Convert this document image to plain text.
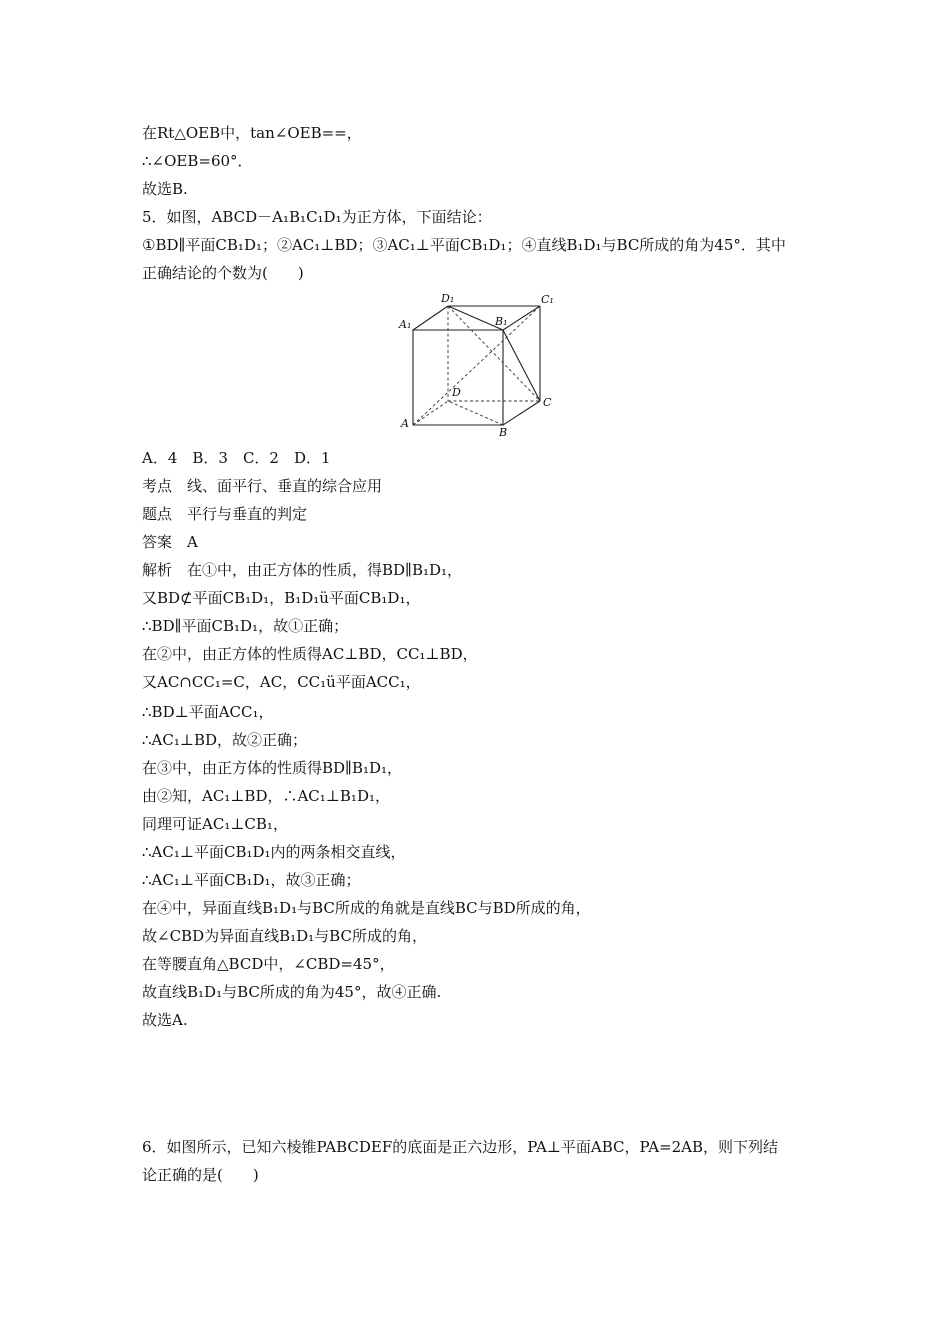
在Rt△OEB中，tan∠OEB==，
∴∠OEB=60°．
故选B.
5．如图，ABCD－A₁B₁C₁D₁为正方体，下面结论：
①BD∥平面CB₁D₁；②AC₁⊥BD；③AC₁⊥平面CB₁D₁；④直线B₁D₁与BC所成的角为45°．其中
正确结论的个数为(　　)
D₁	C₁
A₁	B₁
D
C
A
B
A．4　B．3　C．2　D．1
考点　线、面平行、垂直的综合应用
题点　平行与垂直的判定
答案　A
解析　在①中，由正方体的性质，得BD∥B₁D₁，
又BD⊄平面CB₁D₁，B₁D₁ü平面CB₁D₁，
∴BD∥平面CB₁D₁，故①正确；
在②中，由正方体的性质得AC⊥BD，CC₁⊥BD，
又AC∩CC₁=C，AC，CC₁ü平面ACC₁，
∴BD⊥平面ACC₁，
∴AC₁⊥BD，故②正确；
在③中，由正方体的性质得BD∥B₁D₁，
由②知，AC₁⊥BD，∴AC₁⊥B₁D₁，
同理可证AC₁⊥CB₁，
∴AC₁⊥平面CB₁D₁内的两条相交直线，
∴AC₁⊥平面CB₁D₁，故③正确；
在④中，异面直线B₁D₁与BC所成的角就是直线BC与BD所成的角，
故∠CBD为异面直线B₁D₁与BC所成的角，
在等腰直角△BCD中，∠CBD=45°，
故直线B₁D₁与BC所成的角为45°，故④正确.
故选A.
6．如图所示，已知六棱锥PABCDEF的底面是正六边形，PA⊥平面ABC，PA=2AB，则下列结
论正确的是(　　)
